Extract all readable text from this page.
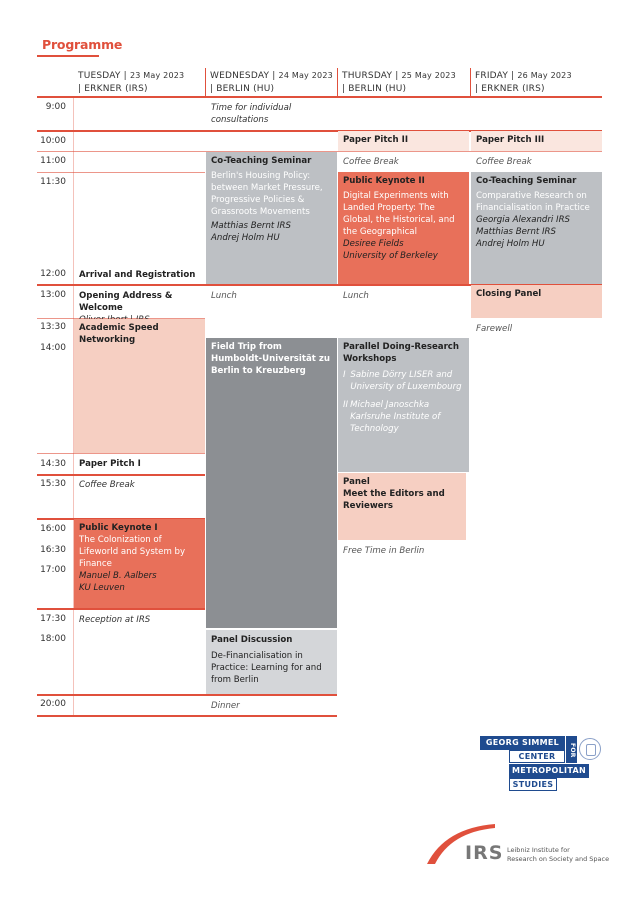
Programme
TUESDAY | 23 May 2023
| ERKNER (IRS)
WEDNESDAY | 24 May 2023
| BERLIN (HU)
THURSDAY | 25 May 2023
| BERLIN (HU)
FRIDAY | 26 May 2023
| ERKNER (IRS)
9:00
10:00
11:00
11:30
12:00
13:00
13:30
14:00
14:30
15:30
16:00
16:30
17:00
17:30
18:00
20:00
Arrival and Registration
Opening Address & Welcome
Academic Speed Networking
Paper Pitch I
Coffee Break
Public Keynote I
The Colonization of Lifeworld and System by Finance
Manuel B. Aalbers
KU Leuven
Reception at IRS
Time for individual consultations
Co-Teaching Seminar
Berlin's Housing Policy: between Market Pressure, Progressive Policies & Grassroots Movements
Matthias Bernt IRS
Andrej Holm HU
Lunch
Field Trip from Humboldt-Universität zu Berlin to Kreuzberg
Panel Discussion
De-Financialisation in Practice: Learning for and from Berlin
Dinner
Paper Pitch II
Coffee Break
Public Keynote II
Digital Experiments with Landed Property: The Global, the Historical, and the Geographical
Desiree Fields
University of Berkeley
Lunch
Parallel Doing-Research Workshops
I Sabine Dörry LISER and University of Luxembourg
II Michael Janoschka Karlsruhe Institute of Technology
Panel
Meet the Editors and Reviewers
Free Time in Berlin
Paper Pitch III
Coffee Break
Co-Teaching Seminar
Comparative Research on Financialisation in Practice
Georgia Alexandri IRS
Matthias Bernt IRS
Andrej Holm HU
Closing Panel
Farewell
GEORG SIMMEL
CENTER	FOR
METROPOLITAN
STUDIES
IRS Leibniz Institute for
Research on Society and Space
